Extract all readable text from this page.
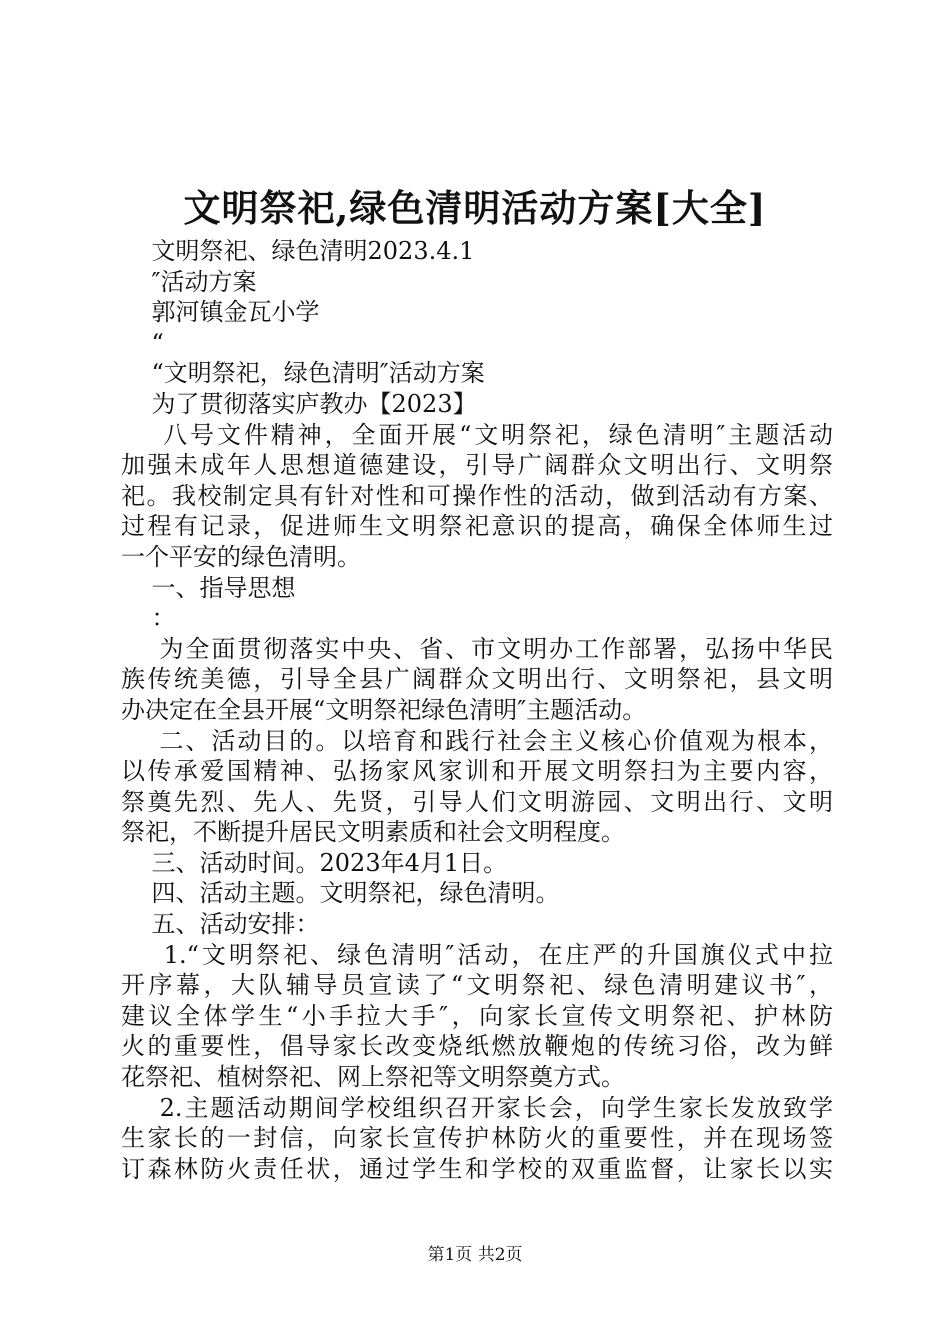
文明祭祀,绿色清明活动方案[大全]
文明祭祀、绿色清明2023.4.1
″活动方案
郭河镇金瓦小学
“
“文明祭祀，绿色清明″活动方案
为了贯彻落实庐教办【2023】
八号文件精神，全面开展“文明祭祀，绿色清明″主题活动
加强未成年人思想道德建设，引导广阔群众文明出行、文明祭
祀。我校制定具有针对性和可操作性的活动，做到活动有方案、
过程有记录，促进师生文明祭祀意识的提高，确保全体师生过
一个平安的绿色清明。
一、指导思想
：
为全面贯彻落实中央、省、市文明办工作部署，弘扬中华民
族传统美德，引导全县广阔群众文明出行、文明祭祀，县文明
办决定在全县开展“文明祭祀绿色清明″主题活动。
二、活动目的。以培育和践行社会主义核心价值观为根本，
以传承爱国精神、弘扬家风家训和开展文明祭扫为主要内容，
祭奠先烈、先人、先贤，引导人们文明游园、文明出行、文明
祭祀，不断提升居民文明素质和社会文明程度。
三、活动时间。2023年4月1日。
四、活动主题。文明祭祀，绿色清明。
五、活动安排：
1.“文明祭祀、绿色清明″活动，在庄严的升国旗仪式中拉
开序幕，大队辅导员宣读了“文明祭祀、绿色清明建议书″，
建议全体学生“小手拉大手″，向家长宣传文明祭祀、护林防
火的重要性，倡导家长改变烧纸燃放鞭炮的传统习俗，改为鲜
花祭祀、植树祭祀、网上祭祀等文明祭奠方式。
2.主题活动期间学校组织召开家长会，向学生家长发放致学
生家长的一封信，向家长宣传护林防火的重要性，并在现场签
订森林防火责任状，通过学生和学校的双重监督，让家长以实
第1页 共2页
